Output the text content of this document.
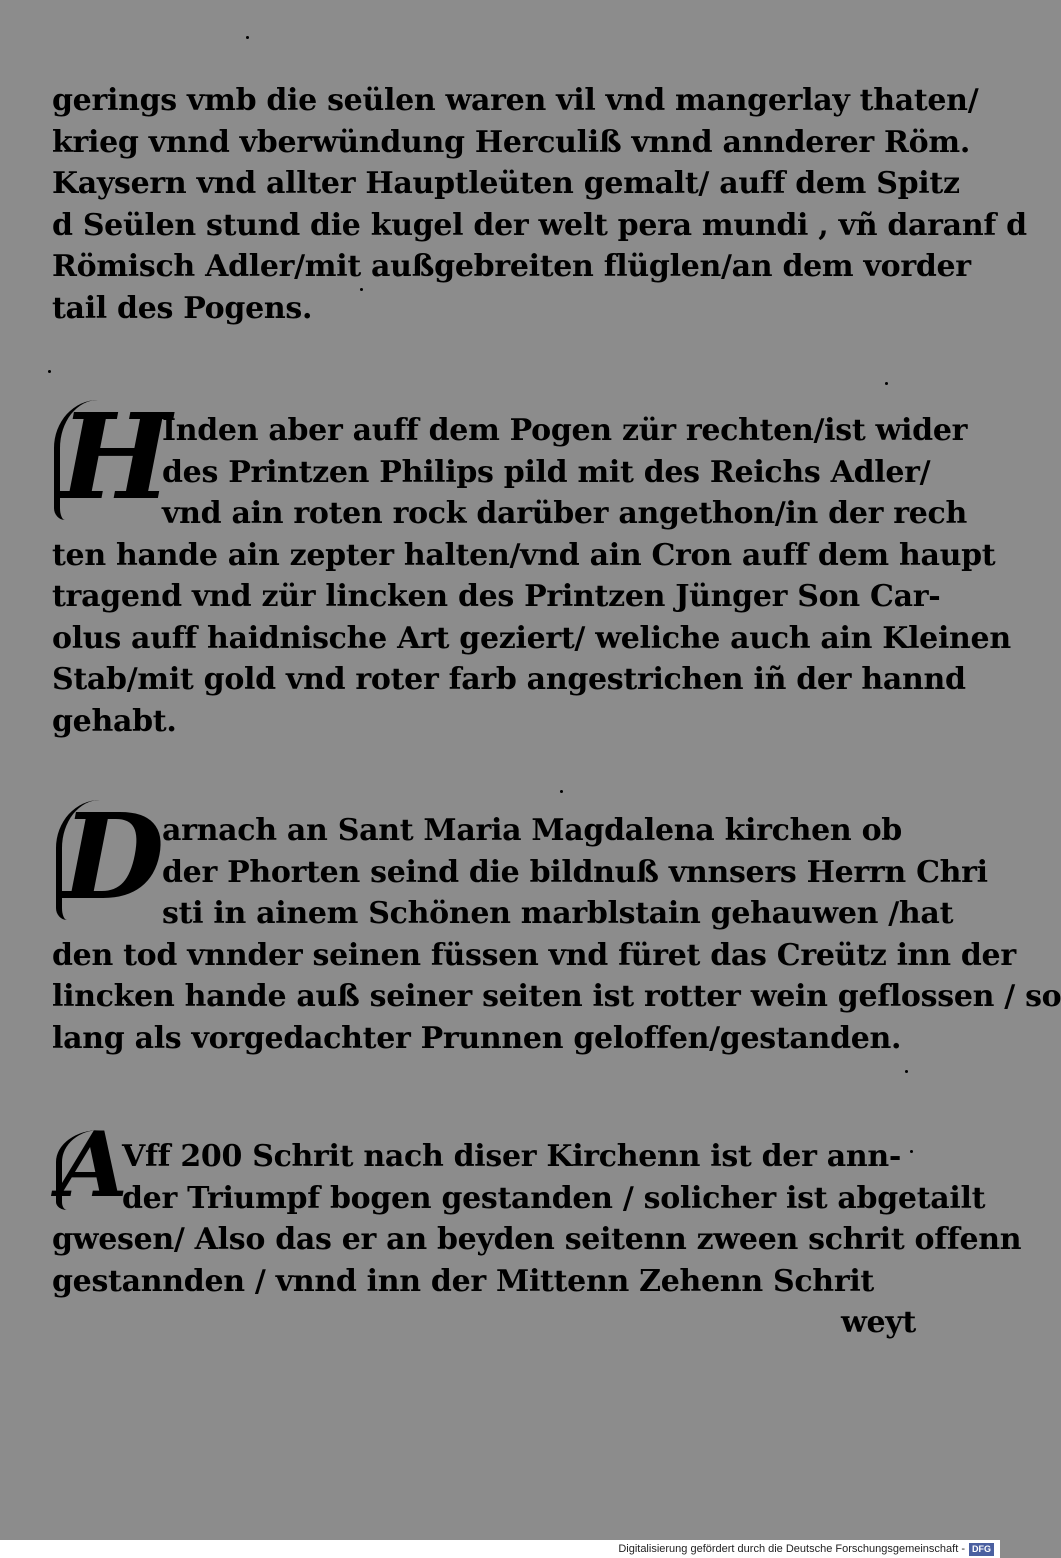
gerings vmb die seülen waren vil vnd mangerlay thaten/
krieg vnnd vberwündung Herculiß vnnd annderer Röm.
Kaysern vnd allter Hauptleüten gemalt/ auff dem Spitz
d Seülen stund die kugel der welt pera mundi , vñ daranf d
Römisch Adler/mit außgebreiten flüglen/an dem vorder
tail des Pogens.
H
Inden aber auff dem Pogen zür rechten/ist wider
des Printzen Philips pild mit des Reichs Adler/
vnd ain roten rock darüber angethon/in der rech
ten hande ain zepter halten/vnd ain Cron auff dem haupt
tragend vnd zür lincken des Printzen Jünger Son Car-
olus auff haidnische Art geziert/ weliche auch ain Kleinen
Stab/mit gold vnd roter farb angestrichen iñ der hannd
gehabt.
D
arnach an Sant Maria Magdalena kirchen ob
der Phorten seind die bildnuß vnnsers Herrn Chri
sti in ainem Schönen marblstain gehauwen /hat
den tod vnnder seinen füssen vnd füret das Creütz inn der
lincken hande auß seiner seiten ist rotter wein geflossen / so
lang als vorgedachter Prunnen geloffen/gestanden.
A
Vff 200 Schrit nach diser Kirchenn ist der ann-
der Triumpf bogen gestanden / solicher ist abgetailt
gwesen/ Also das er an beyden seitenn zween schrit offenn
gestannden / vnnd inn der Mittenn Zehenn Schrit
weyt
Digitalisierung gefördert durch die Deutsche Forschungsgemeinschaft - DFG
